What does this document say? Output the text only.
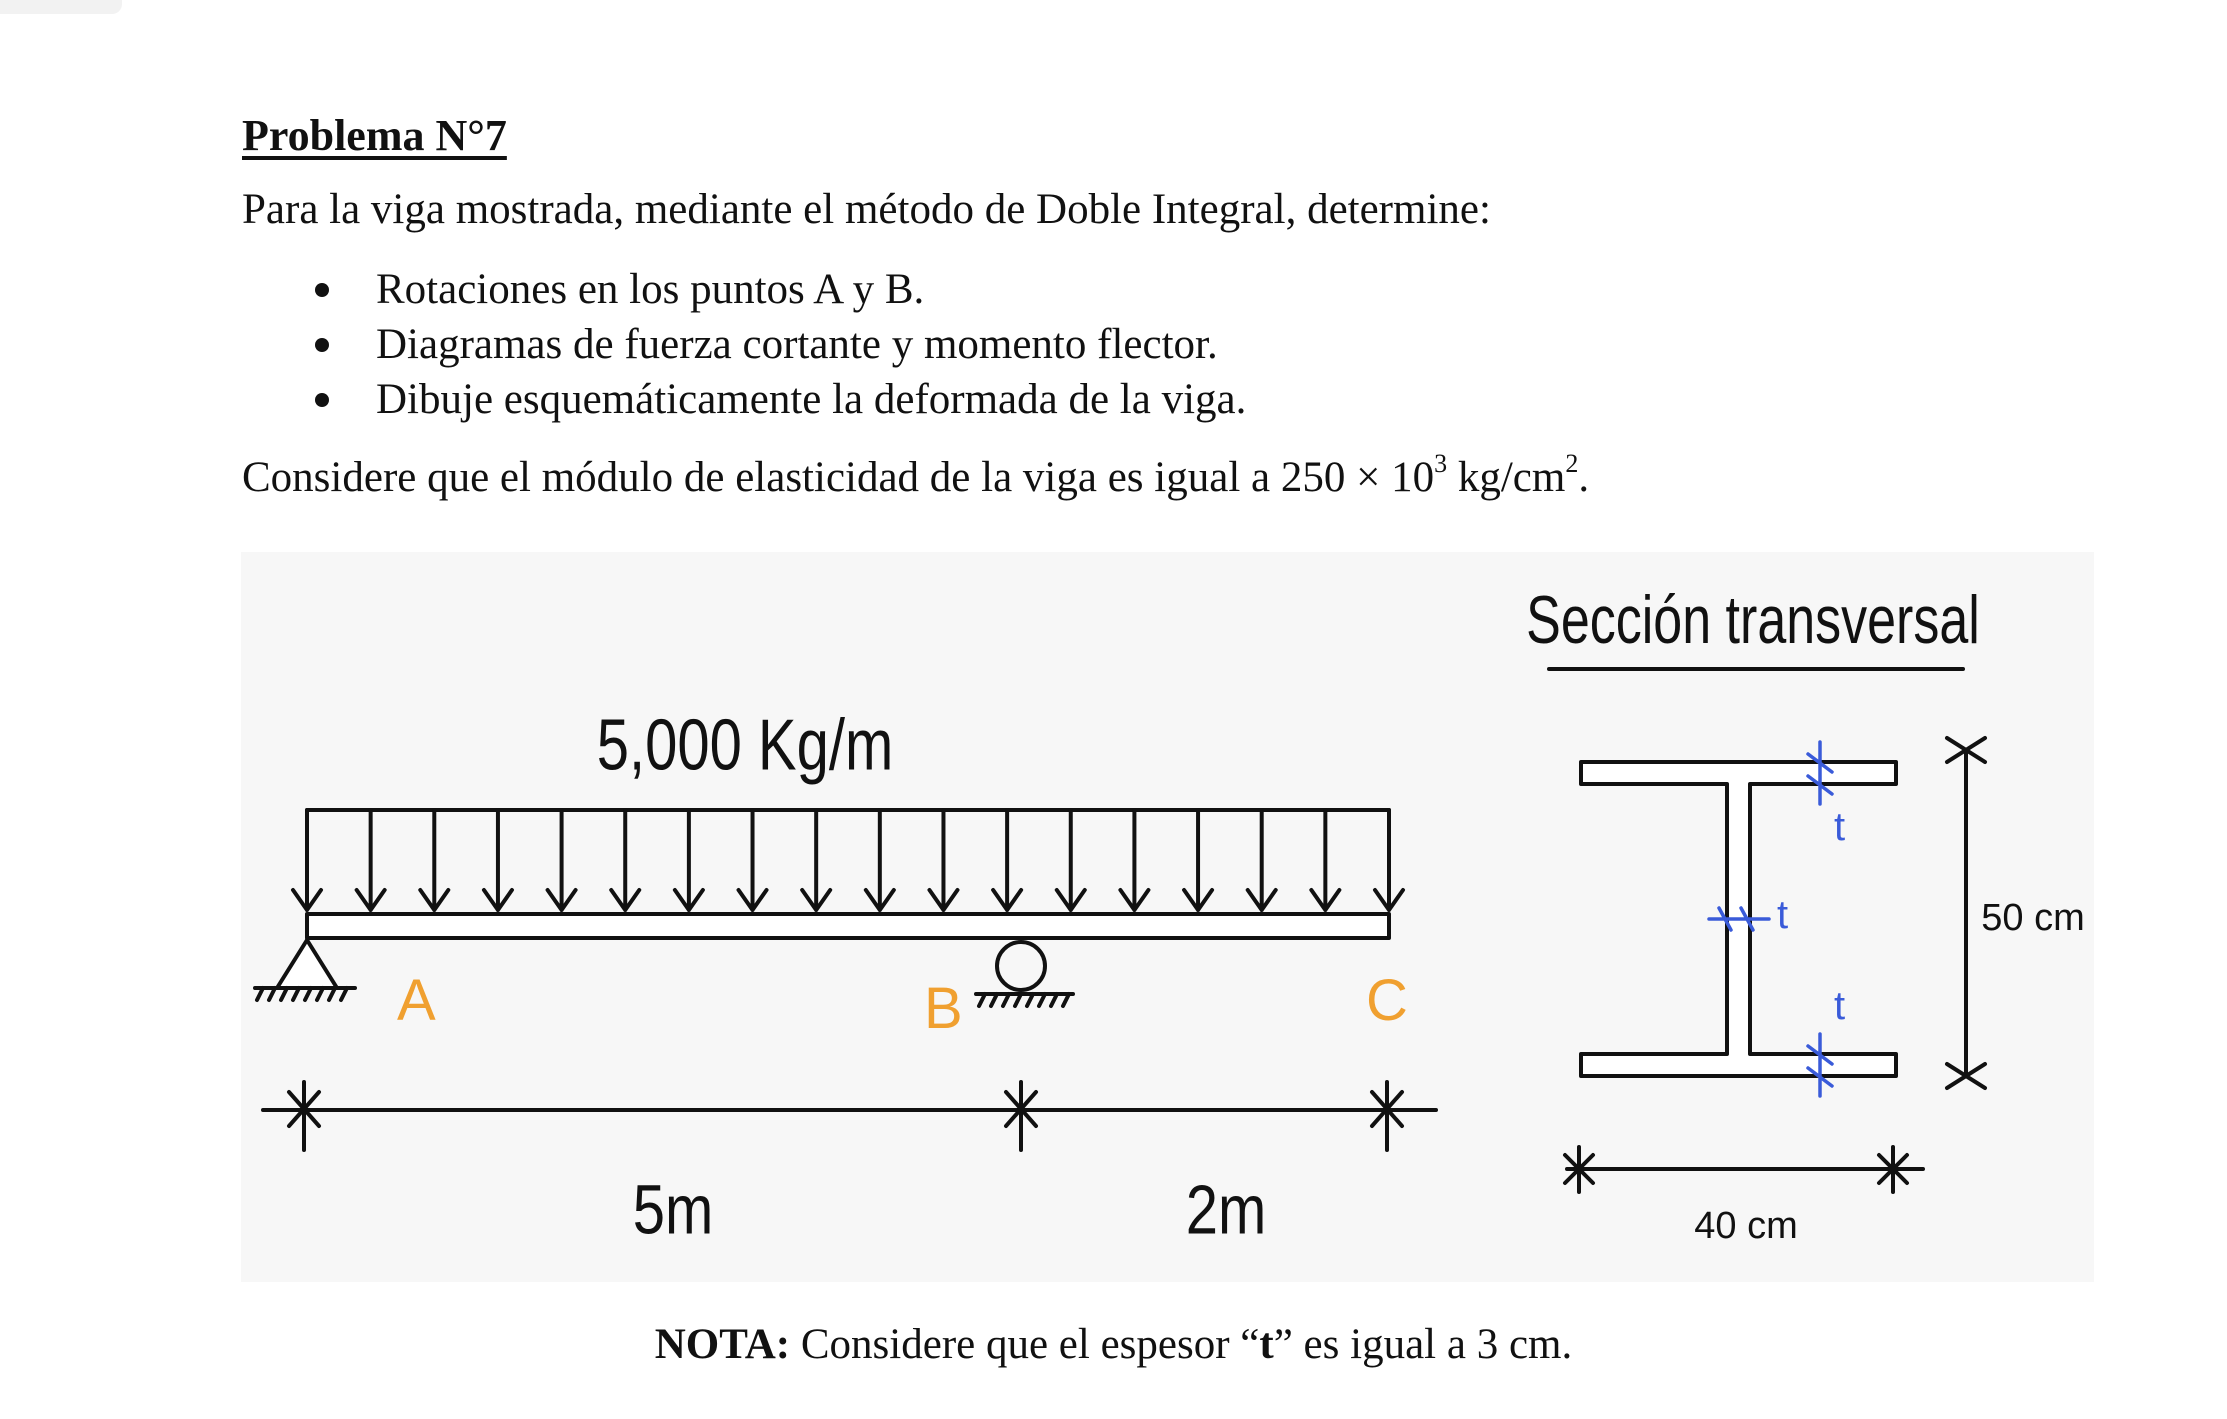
Problema N°7
Para la viga mostrada, mediante el método de Doble Integral, determine:
Rotaciones en los puntos A y B.
Diagramas de fuerza cortante y momento flector.
Dibuje esquemáticamente la deformada de la viga.
Considere que el módulo de elasticidad de la viga es igual a $250 \times 10^3$ $kg/cm^2$.
5,000 Kg/m
5m	2m
Sección transversal
50 cm
40 cm
A	B	C
t
t
t
NOTA: Considere que el espesor “t” es igual a 3 cm.
